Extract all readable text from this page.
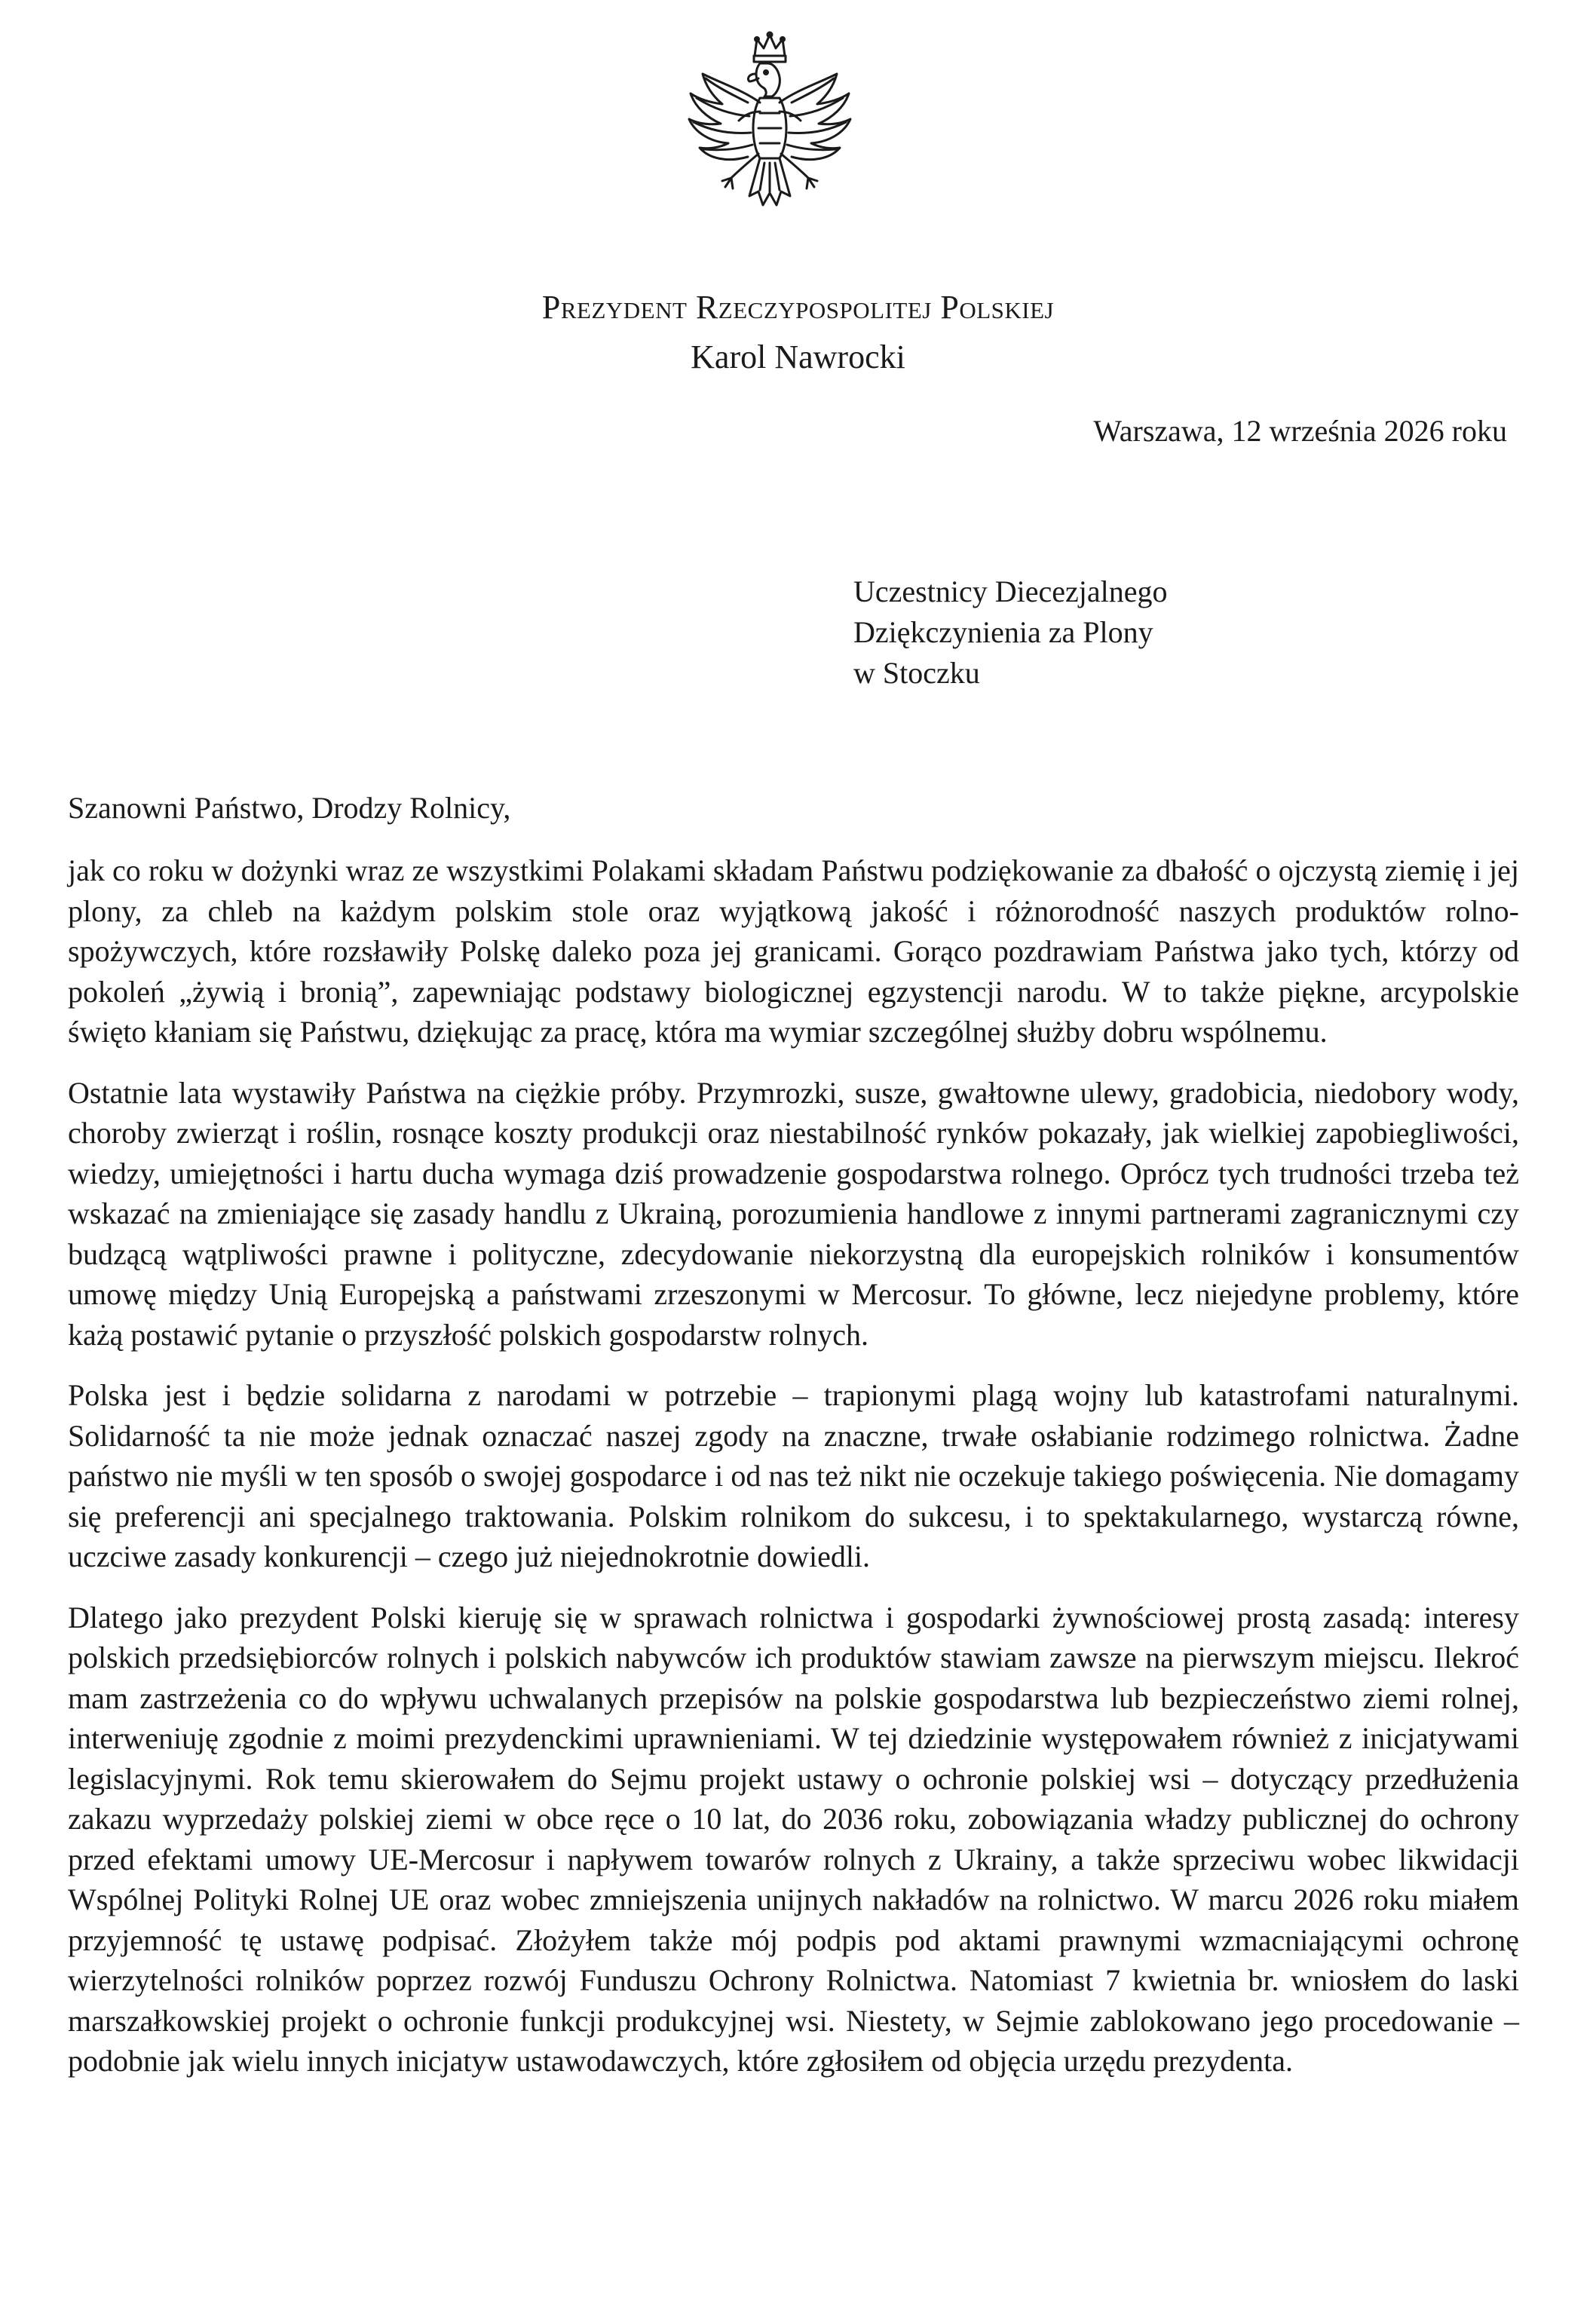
Prezydent Rzeczypospolitej Polskiej
Karol Nawrocki
Warszawa, 12 września 2026 roku
Uczestnicy Diecezjalnego
Dziękczynienia za Plony
w Stoczku
Szanowni Państwo, Drodzy Rolnicy,

jak co roku w dożynki wraz ze wszystkimi Polakami składam Państwu podziękowanie za dbałość o ojczystą ziemię i jej plony, za chleb na każdym polskim stole oraz wyjątkową jakość i różnorodność naszych produktów rolno-spożywczych, które rozsławiły Polskę daleko poza jej granicami. Gorąco pozdrawiam Państwa jako tych, którzy od pokoleń „żywią i bronią”, zapewniając podstawy biologicznej egzystencji narodu. W to także piękne, arcypolskie święto kłaniam się Państwu, dziękując za pracę, która ma wymiar szczególnej służby dobru wspólnemu.

Ostatnie lata wystawiły Państwa na ciężkie próby. Przymrozki, susze, gwałtowne ulewy, gradobicia, niedobory wody, choroby zwierząt i roślin, rosnące koszty produkcji oraz niestabilność rynków pokazały, jak wielkiej zapobiegliwości, wiedzy, umiejętności i hartu ducha wymaga dziś prowadzenie gospodarstwa rolnego. Oprócz tych trudności trzeba też wskazać na zmieniające się zasady handlu z Ukrainą, porozumienia handlowe z innymi partnerami zagranicznymi czy budzącą wątpliwości prawne i polityczne, zdecydowanie niekorzystną dla europejskich rolników i konsumentów umowę między Unią Europejską a państwami zrzeszonymi w Mercosur. To główne, lecz niejedyne problemy, które każą postawić pytanie o przyszłość polskich gospodarstw rolnych.

Polska jest i będzie solidarna z narodami w potrzebie – trapionymi plagą wojny lub katastrofami naturalnymi. Solidarność ta nie może jednak oznaczać naszej zgody na znaczne, trwałe osłabianie rodzimego rolnictwa. Żadne państwo nie myśli w ten sposób o swojej gospodarce i od nas też nikt nie oczekuje takiego poświęcenia. Nie domagamy się preferencji ani specjalnego traktowania. Polskim rolnikom do sukcesu, i to spektakularnego, wystarczą równe, uczciwe zasady konkurencji – czego już niejednokrotnie dowiedli.

Dlatego jako prezydent Polski kieruję się w sprawach rolnictwa i gospodarki żywnościowej prostą zasadą: interesy polskich przedsiębiorców rolnych i polskich nabywców ich produktów stawiam zawsze na pierwszym miejscu. Ilekroć mam zastrzeżenia co do wpływu uchwalanych przepisów na polskie gospodarstwa lub bezpieczeństwo ziemi rolnej, interweniuję zgodnie z moimi prezydenckimi uprawnieniami. W tej dziedzinie występowałem również z inicjatywami legislacyjnymi. Rok temu skierowałem do Sejmu projekt ustawy o ochronie polskiej wsi – dotyczący przedłużenia zakazu wyprzedaży polskiej ziemi w obce ręce o 10 lat, do 2036 roku, zobowiązania władzy publicznej do ochrony przed efektami umowy UE-Mercosur i napływem towarów rolnych z Ukrainy, a także sprzeciwu wobec likwidacji Wspólnej Polityki Rolnej UE oraz wobec zmniejszenia unijnych nakładów na rolnictwo. W marcu 2026 roku miałem przyjemność tę ustawę podpisać. Złożyłem także mój podpis pod aktami prawnymi wzmacniającymi ochronę wierzytelności rolników poprzez rozwój Funduszu Ochrony Rolnictwa. Natomiast 7 kwietnia br. wniosłem do laski marszałkowskiej projekt o ochronie funkcji produkcyjnej wsi. Niestety, w Sejmie zablokowano jego procedowanie – podobnie jak wielu innych inicjatyw ustawodawczych, które zgłosiłem od objęcia urzędu prezydenta.
